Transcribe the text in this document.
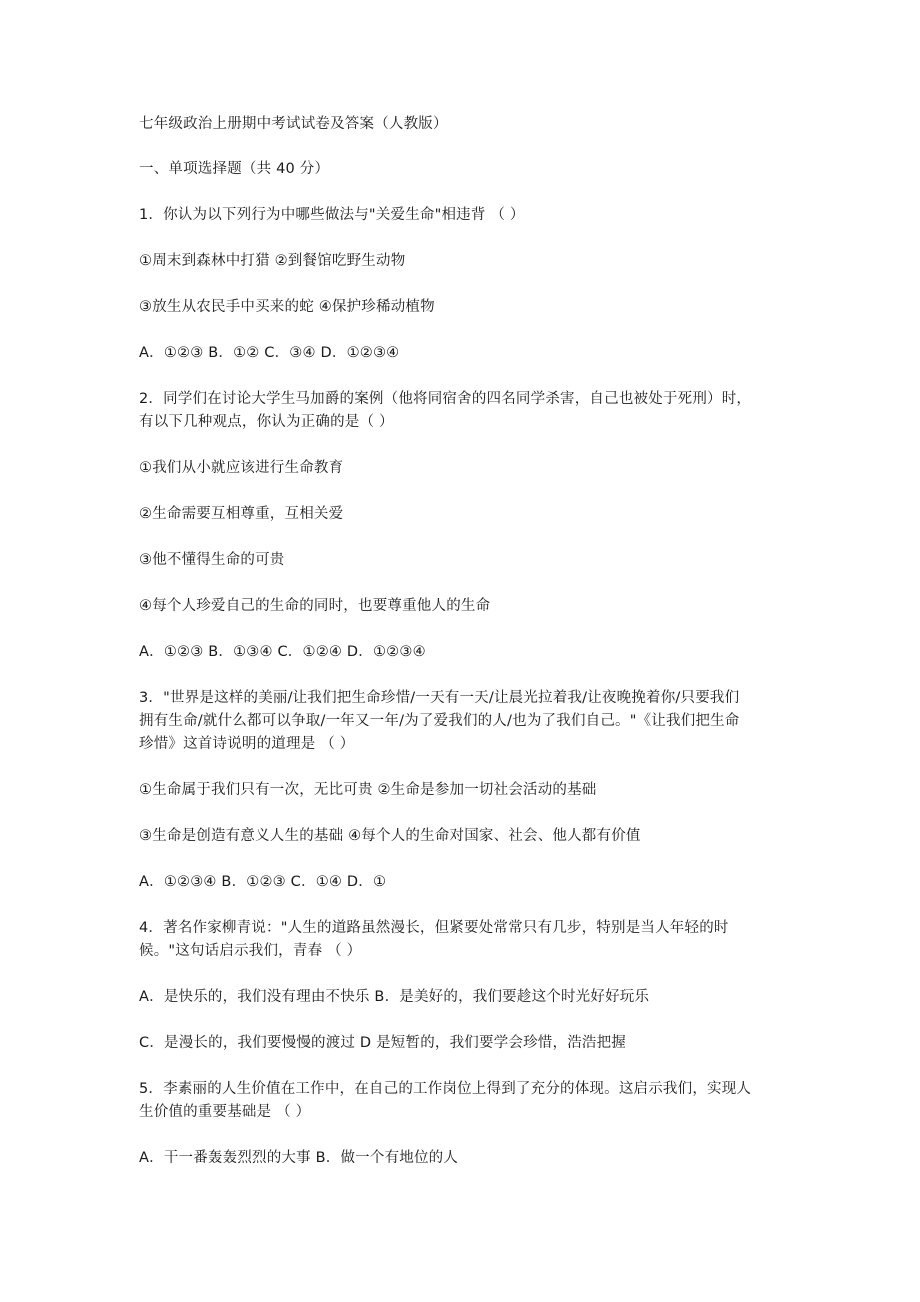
七年级政治上册期中考试试卷及答案（人教版）
一、单项选择题（共 40 分）
1．你认为以下列行为中哪些做法与"关爱生命"相违背 （ ）
①周末到森林中打猎 ②到餐馆吃野生动物
③放生从农民手中买来的蛇 ④保护珍稀动植物
A．①②③ B．①② C．③④ D．①②③④
2．同学们在讨论大学生马加爵的案例（他将同宿舍的四名同学杀害，自己也被处于死刑）时，
有以下几种观点，你认为正确的是（ ）
①我们从小就应该进行生命教育
②生命需要互相尊重，互相关爱
③他不懂得生命的可贵
④每个人珍爱自己的生命的同时，也要尊重他人的生命
A．①②③ B．①③④ C．①②④ D．①②③④
3．"世界是这样的美丽/让我们把生命珍惜/一天有一天/让晨光拉着我/让夜晚挽着你/只要我们
拥有生命/就什么都可以争取/一年又一年/为了爱我们的人/也为了我们自己。"《让我们把生命
珍惜》这首诗说明的道理是 （ ）
①生命属于我们只有一次，无比可贵 ②生命是参加一切社会活动的基础
③生命是创造有意义人生的基础 ④每个人的生命对国家、社会、他人都有价值
A．①②③④ B．①②③ C．①④ D．①
4．著名作家柳青说："人生的道路虽然漫长，但紧要处常常只有几步，特别是当人年轻的时
候。"这句话启示我们，青春 （ ）
A．是快乐的，我们没有理由不快乐 B．是美好的，我们要趁这个时光好好玩乐
C．是漫长的，我们要慢慢的渡过 D 是短暂的，我们要学会珍惜，浩浩把握
5．李素丽的人生价值在工作中，在自己的工作岗位上得到了充分的体现。这启示我们，实现人
生价值的重要基础是 （ ）
A．干一番轰轰烈烈的大事 B．做一个有地位的人
